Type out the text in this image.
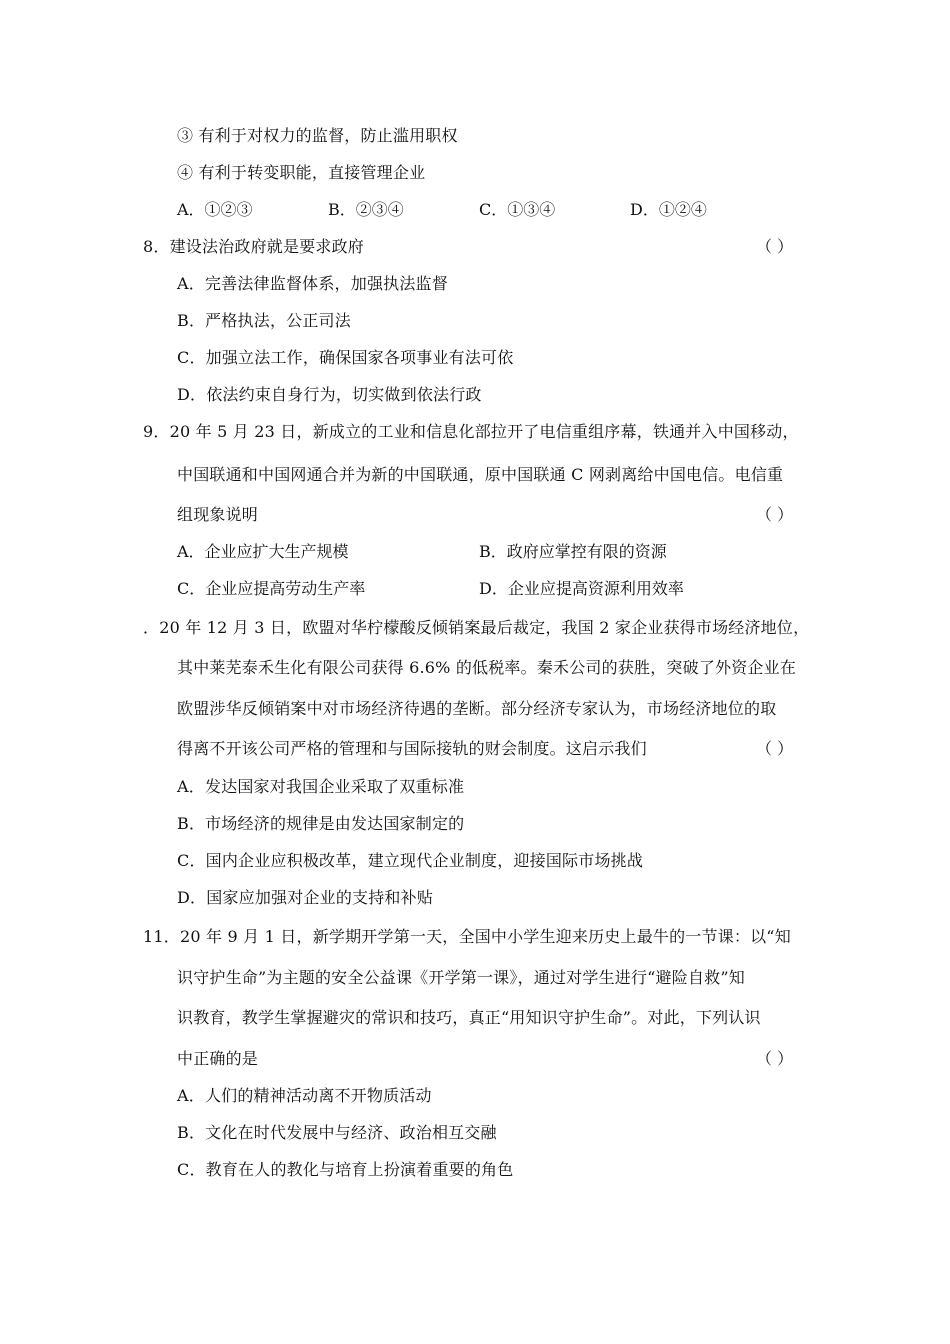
③ 有利于对权力的监督，防止滥用职权
④ 有利于转变职能，直接管理企业
A．①②③	B．②③④	C．①③④	D．①②④
8．建设法治政府就是要求政府	（ ）
A．完善法律监督体系，加强执法监督
B．严格执法，公正司法
C．加强立法工作，确保国家各项事业有法可依
D．依法约束自身行为，切实做到依法行政
9．20 年 5 月 23 日，新成立的工业和信息化部拉开了电信重组序幕，铁通并入中国移动，
中国联通和中国网通合并为新的中国联通，原中国联通 C 网剥离给中国电信。电信重
组现象说明	（ ）
A．企业应扩大生产规模	B．政府应掌控有限的资源
C．企业应提高劳动生产率	D．企业应提高资源利用效率
．20 年 12 月 3 日，欧盟对华柠檬酸反倾销案最后裁定，我国 2 家企业获得市场经济地位，
其中莱芜泰禾生化有限公司获得 6.6% 的低税率。秦禾公司的获胜，突破了外资企业在
欧盟涉华反倾销案中对市场经济待遇的垄断。部分经济专家认为，市场经济地位的取
得离不开该公司严格的管理和与国际接轨的财会制度。这启示我们	（ ）
A．发达国家对我国企业采取了双重标准
B．市场经济的规律是由发达国家制定的
C．国内企业应积极改革，建立现代企业制度，迎接国际市场挑战
D．国家应加强对企业的支持和补贴
11．20 年 9 月 1 日，新学期开学第一天，全国中小学生迎来历史上最牛的一节课：以“知
识守护生命”为主题的安全公益课《开学第一课》，通过对学生进行“避险自救”知
识教育，教学生掌握避灾的常识和技巧，真正“用知识守护生命”。对此，下列认识
中正确的是	（ ）
A．人们的精神活动离不开物质活动
B．文化在时代发展中与经济、政治相互交融
C．教育在人的教化与培育上扮演着重要的角色
